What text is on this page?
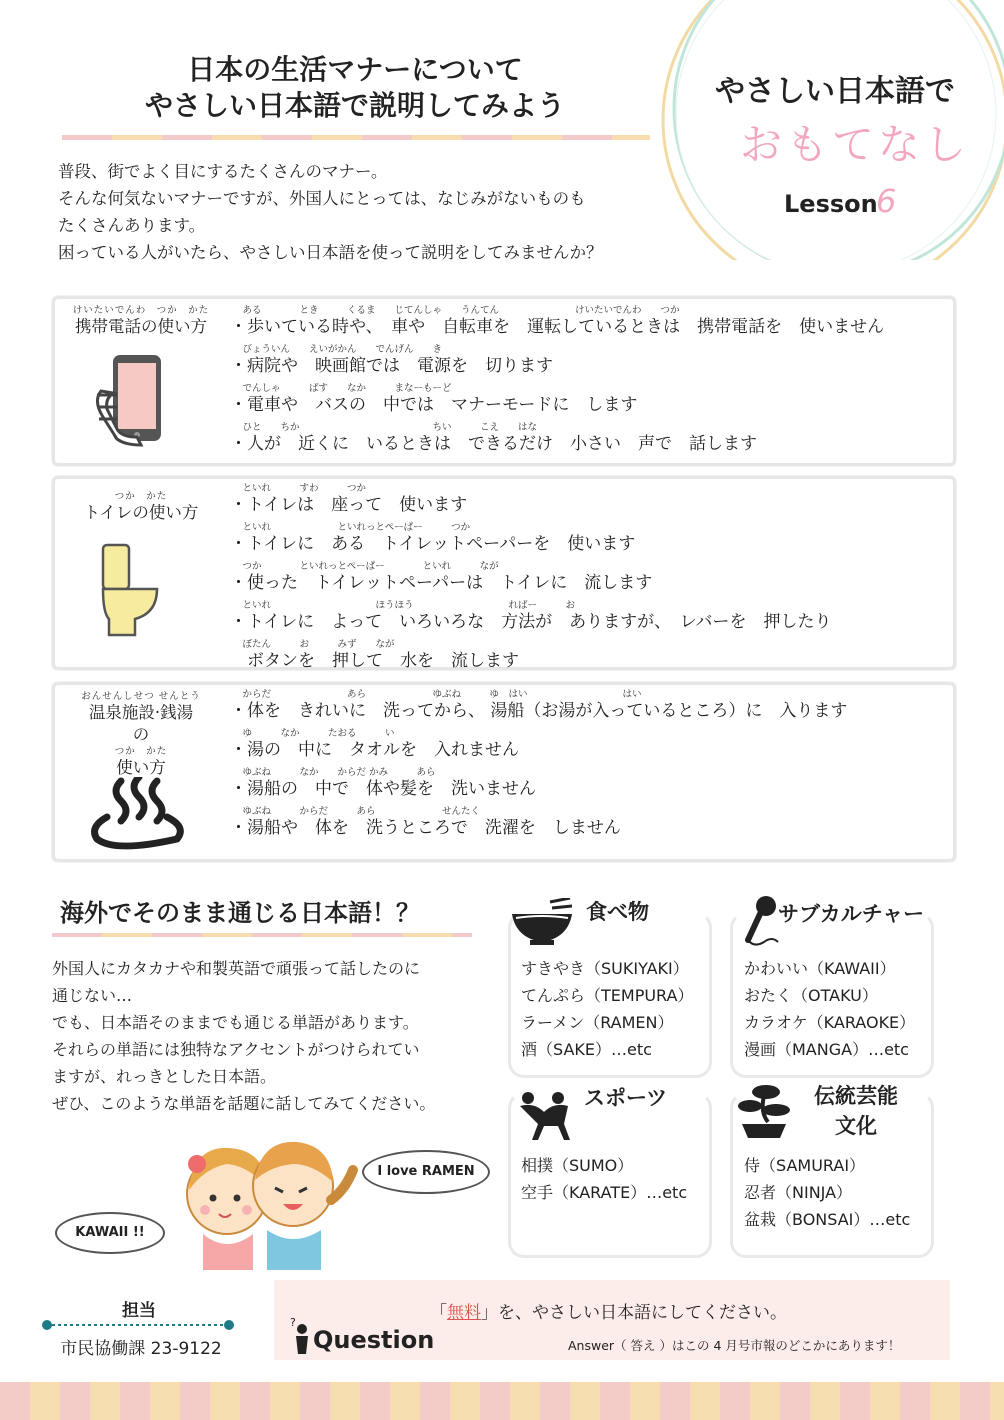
日本の生活マナーについて
やさしい日本語で説明してみよう	やさしい日本語で
おもてなし
Lesson
6
普段、街でよく目にするたくさんのマナー。
そんな何気ないマナーですが、外国人にとっては、なじみがないものも
たくさんあります。
困っている人がいたら、やさしい日本語を使って説明をしてみませんか？
けいたいでんわ　つか　かた
携帯電話の使い方
　 ある　　　　とき　　　くるま　　じてんしゃ　　うんてん　　　　　　　　けいたいでんわ　　つか
・歩いている時や、　車や　自転車を　運転しているときは　携帯電話を　使いません
　 びょういん　　えいがかん　　でんげん　　き
・病院や　映画館では　電源を　切ります
　 でんしゃ　　　ばす　　なか　　　まなーもーど
・電車や　バスの　中では　マナーモードに　します
　 ひと　　ちか　　　　　　　　　　　　　　ちい　　　こえ　　はな
・人が　近くに　いるときは　できるだけ　小さい　声で　話します
つか　かた
トイレの使い方
　 といれ　　　すわ　　　つか
・トイレは　座って　使います
　 といれ　　　　　　　といれっとぺーぱー　　　つか
・トイレに　ある　トイレットペーパーを　使います
　 つか　　　　といれっとぺーぱー　　　　といれ　　　なが
・使った　トイレットペーパーは　トイレに　流します
　 といれ　　　　　　　　　　　ほうほう　　　　　　　　　　ればー　　　お
・トイレに　よって　いろいろな　方法が　ありますが、　レバーを　押したり
　 ぼたん　　　お　　　みず　　なが
　ボタンを　押して　水を　流します
おんせんしせつ せんとう
温泉施設·銭湯
の
つか　かた
使い方
　 からだ　　　　　　　　あら　　　　　　　ゆぶね　　　ゆ　はい　　　　　　　　　　はい
・体を　きれいに　洗ってから、 湯船（お湯が入っているところ）に　入ります
　 ゆ　　　なか　　　たおる　　　い
・湯の　中に　タオルを　入れません
　 ゆぶね　　　なか　　からだ かみ　　　あら
・湯船の　中で　体や髪を　洗いません
　 ゆぶね　　　からだ　　　あら　　　　　　　せんたく
・湯船や　体を　洗うところで　洗濯を　しません
海外でそのまま通じる日本語！？
外国人にカタカナや和製英語で頑張って話したのに
通じない…
でも、日本語そのままでも通じる単語があります。
それらの単語には独特なアクセントがつけられてい
ますが、れっきとした日本語。
ぜひ、このような単語を話題に話してみてください。
KAWAII !!
I love RAMEN
食べ物
すきやき（SUKIYAKI）
てんぷら（TEMPURA）
ラーメン（RAMEN）
酒（SAKE）…etc
サブカルチャー
かわいい（KAWAII）
おたく（OTAKU）
カラオケ（KARAOKE）
漫画（MANGA）…etc
スポーツ
相撲（SUMO）
空手（KARATE）…etc
伝統芸能
文化
侍（SAMURAI）
忍者（NINJA）
盆栽（BONSAI）…etc
担当
市民協働課 23-9122
?
Question
「無料」を、やさしい日本語にしてください。
Answer（ 答え ）はこの 4 月号市報のどこかにあります！
